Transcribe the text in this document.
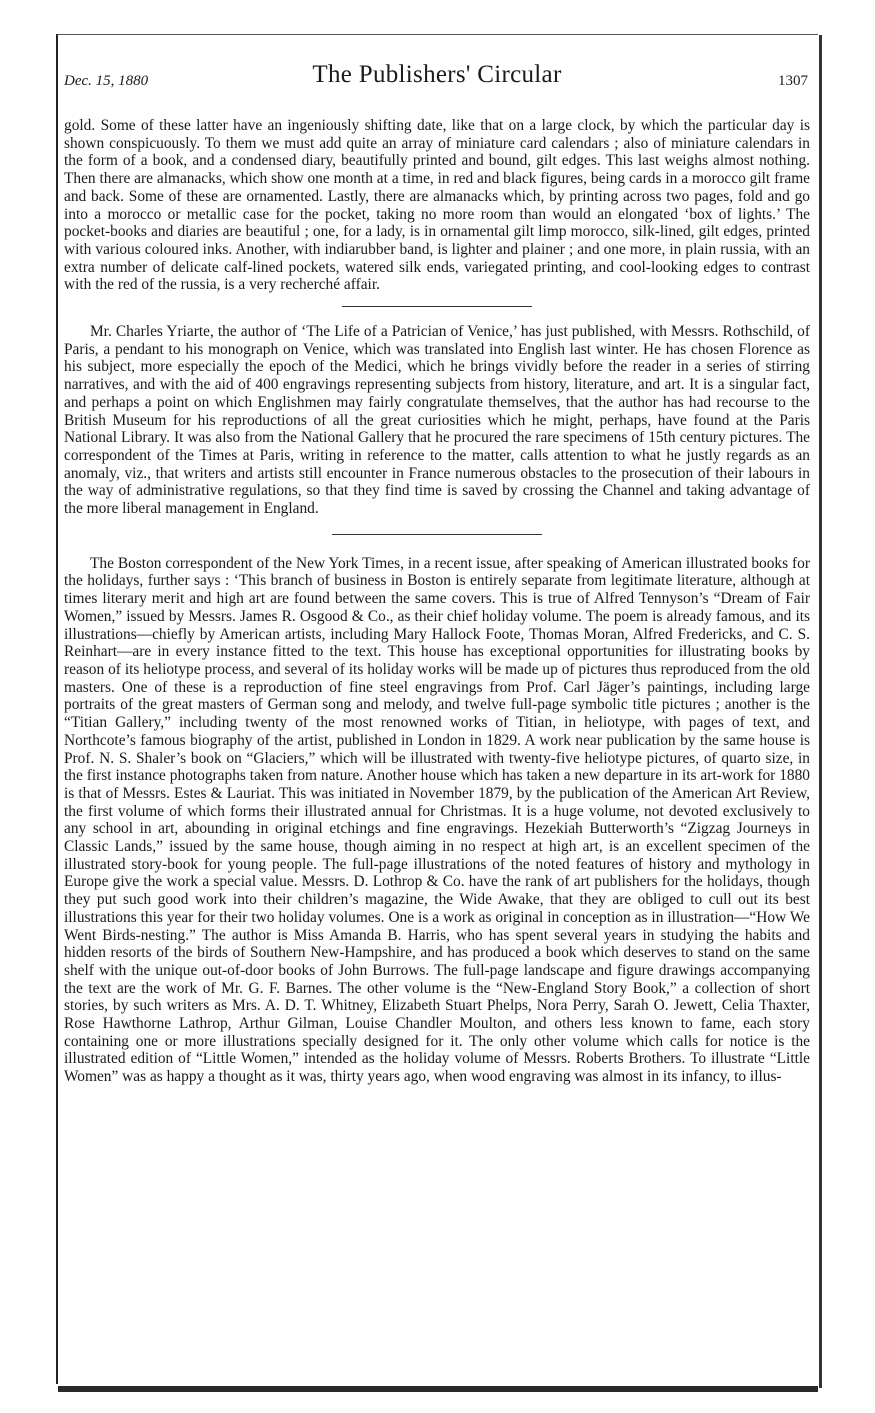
Dec. 15, 1880	The Publishers' Circular	1307

gold. Some of these latter have an ingeniously shifting date, like that on a large clock, by which the particular day is shown conspicuously. To them we must add quite an array of miniature card calendars ; also of miniature calendars in the form of a book, and a condensed diary, beautifully printed and bound, gilt edges. This last weighs almost nothing. Then there are almanacks, which show one month at a time, in red and black figures, being cards in a morocco gilt frame and back. Some of these are ornamented. Lastly, there are almanacks which, by printing across two pages, fold and go into a morocco or metallic case for the pocket, taking no more room than would an elongated ‘box of lights.’ The pocket-books and diaries are beautiful ; one, for a lady, is in ornamental gilt limp morocco, silk-lined, gilt edges, printed with various coloured inks. Another, with indiarubber band, is lighter and plainer ; and one more, in plain russia, with an extra number of delicate calf-lined pockets, watered silk ends, variegated printing, and cool-looking edges to contrast with the red of the russia, is a very recherché affair.

Mr. Charles Yriarte, the author of ‘The Life of a Patrician of Venice,’ has just published, with Messrs. Rothschild, of Paris, a pendant to his monograph on Venice, which was translated into English last winter. He has chosen Florence as his subject, more especially the epoch of the Medici, which he brings vividly before the reader in a series of stirring narratives, and with the aid of 400 engravings representing subjects from history, literature, and art. It is a singular fact, and perhaps a point on which Englishmen may fairly congratulate themselves, that the author has had recourse to the British Museum for his reproductions of all the great curiosities which he might, perhaps, have found at the Paris National Library. It was also from the National Gallery that he procured the rare specimens of 15th century pictures. The correspondent of the Times at Paris, writing in reference to the matter, calls attention to what he justly regards as an anomaly, viz., that writers and artists still encounter in France numerous obstacles to the prosecution of their labours in the way of administrative regulations, so that they find time is saved by crossing the Channel and taking advantage of the more liberal management in England.

The Boston correspondent of the New York Times, in a recent issue, after speaking of American illustrated books for the holidays, further says : ‘This branch of business in Boston is entirely separate from legitimate literature, although at times literary merit and high art are found between the same covers. This is true of Alfred Tennyson’s “Dream of Fair Women,” issued by Messrs. James R. Osgood & Co., as their chief holiday volume. The poem is already famous, and its illustrations—chiefly by American artists, including Mary Hallock Foote, Thomas Moran, Alfred Fredericks, and C. S. Reinhart—are in every instance fitted to the text. This house has exceptional opportunities for illustrating books by reason of its heliotype process, and several of its holiday works will be made up of pictures thus reproduced from the old masters. One of these is a reproduction of fine steel engravings from Prof. Carl Jäger’s paintings, including large portraits of the great masters of German song and melody, and twelve full-page symbolic title pictures ; another is the “Titian Gallery,” including twenty of the most renowned works of Titian, in heliotype, with pages of text, and Northcote’s famous biography of the artist, published in London in 1829. A work near publication by the same house is Prof. N. S. Shaler’s book on “Glaciers,” which will be illustrated with twenty-five heliotype pictures, of quarto size, in the first instance photographs taken from nature. Another house which has taken a new departure in its art-work for 1880 is that of Messrs. Estes & Lauriat. This was initiated in November 1879, by the publication of the American Art Review, the first volume of which forms their illustrated annual for Christmas. It is a huge volume, not devoted exclusively to any school in art, abounding in original etchings and fine engravings. Hezekiah Butterworth’s “Zigzag Journeys in Classic Lands,” issued by the same house, though aiming in no respect at high art, is an excellent specimen of the illustrated story-book for young people. The full-page illustrations of the noted features of history and mythology in Europe give the work a special value. Messrs. D. Lothrop & Co. have the rank of art publishers for the holidays, though they put such good work into their children’s magazine, the Wide Awake, that they are obliged to cull out its best illustrations this year for their two holiday volumes. One is a work as original in conception as in illustration—“How We Went Birds-nesting.” The author is Miss Amanda B. Harris, who has spent several years in studying the habits and hidden resorts of the birds of Southern New-Hampshire, and has produced a book which deserves to stand on the same shelf with the unique out-of-door books of John Burrows. The full-page landscape and figure drawings accompanying the text are the work of Mr. G. F. Barnes. The other volume is the “New-England Story Book,” a collection of short stories, by such writers as Mrs. A. D. T. Whitney, Elizabeth Stuart Phelps, Nora Perry, Sarah O. Jewett, Celia Thaxter, Rose Hawthorne Lathrop, Arthur Gilman, Louise Chandler Moulton, and others less known to fame, each story containing one or more illustrations specially designed for it. The only other volume which calls for notice is the illustrated edition of “Little Women,” intended as the holiday volume of Messrs. Roberts Brothers. To illustrate “Little Women” was as happy a thought as it was, thirty years ago, when wood engraving was almost in its infancy, to illus-
